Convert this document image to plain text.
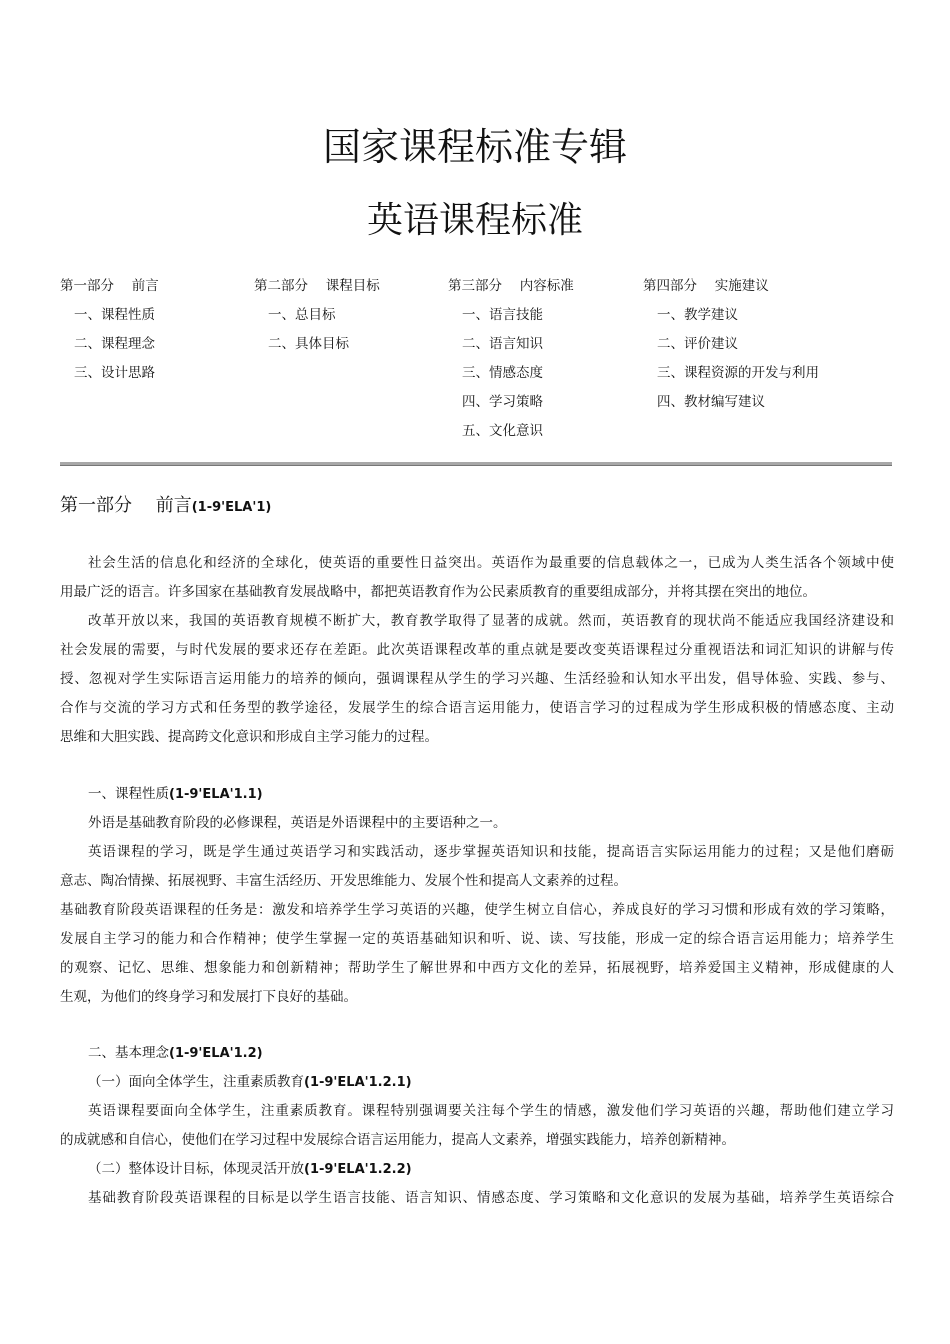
国家课程标准专辑
英语课程标准
第一部分　 前言
一、课程性质
二、课程理念
三、设计思路
第二部分　 课程目标
一、总目标
二、具体目标
第三部分　 内容标准
一、语言技能
二、语言知识
三、情感态度
四、学习策略
五、文化意识
第四部分　 实施建议
一、教学建议
二、评价建议
三、课程资源的开发与利用
四、教材编写建议
第一部分　 前言(1-9'ELA'1)
社会生活的信息化和经济的全球化，使英语的重要性日益突出。英语作为最重要的信息载体之一，已成为人类生活各个领域中使
用最广泛的语言。许多国家在基础教育发展战略中，都把英语教育作为公民素质教育的重要组成部分，并将其摆在突出的地位。
改革开放以来，我国的英语教育规模不断扩大，教育教学取得了显著的成就。然而，英语教育的现状尚不能适应我国经济建设和
社会发展的需要，与时代发展的要求还存在差距。此次英语课程改革的重点就是要改变英语课程过分重视语法和词汇知识的讲解与传
授、忽视对学生实际语言运用能力的培养的倾向，强调课程从学生的学习兴趣、生活经验和认知水平出发，倡导体验、实践、参与、
合作与交流的学习方式和任务型的教学途径，发展学生的综合语言运用能力，使语言学习的过程成为学生形成积极的情感态度、主动
思维和大胆实践、提高跨文化意识和形成自主学习能力的过程。
一、课程性质(1-9'ELA'1.1)
外语是基础教育阶段的必修课程，英语是外语课程中的主要语种之一。
英语课程的学习，既是学生通过英语学习和实践活动，逐步掌握英语知识和技能，提高语言实际运用能力的过程；又是他们磨砺
意志、陶冶情操、拓展视野、丰富生活经历、开发思维能力、发展个性和提高人文素养的过程。
基础教育阶段英语课程的任务是：激发和培养学生学习英语的兴趣，使学生树立自信心，养成良好的学习习惯和形成有效的学习策略，
发展自主学习的能力和合作精神；使学生掌握一定的英语基础知识和听、说、读、写技能，形成一定的综合语言运用能力；培养学生
的观察、记忆、思维、想象能力和创新精神；帮助学生了解世界和中西方文化的差异，拓展视野，培养爱国主义精神，形成健康的人
生观，为他们的终身学习和发展打下良好的基础。
二、基本理念(1-9'ELA'1.2)
（一）面向全体学生，注重素质教育(1-9'ELA'1.2.1)
英语课程要面向全体学生，注重素质教育。课程特别强调要关注每个学生的情感，激发他们学习英语的兴趣，帮助他们建立学习
的成就感和自信心，使他们在学习过程中发展综合语言运用能力，提高人文素养，增强实践能力，培养创新精神。
（二）整体设计目标，体现灵活开放(1-9'ELA'1.2.2)
基础教育阶段英语课程的目标是以学生语言技能、语言知识、情感态度、学习策略和文化意识的发展为基础，培养学生英语综合
